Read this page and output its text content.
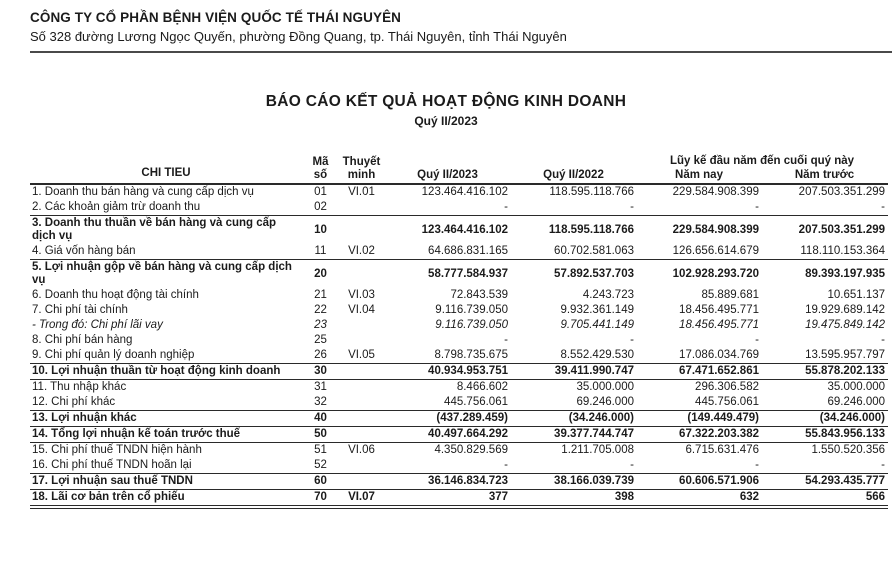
CÔNG TY CỔ PHẦN BỆNH VIỆN QUỐC TẾ THÁI NGUYÊN
Số 328 đường Lương Ngọc Quyến, phường Đồng Quang, tp. Thái Nguyên, tỉnh Thái Nguyên
BÁO CÁO KẾT QUẢ HOẠT ĐỘNG KINH DOANH
Quý II/2023
CHI TIEU	Mã số	Thuyết minh	Quý II/2023	Quý II/2022	Lũy kế đầu năm đến cuối quý này	
					Năm nay	Năm trước
1. Doanh thu bán hàng và cung cấp dịch vụ	01	VI.01	123.464.416.102	118.595.118.766	229.584.908.399	207.503.351.299
2. Các khoản giảm trừ doanh thu	02		-	-	-	-
3. Doanh thu thuần về bán hàng và cung cấp dịch vụ	10		123.464.416.102	118.595.118.766	229.584.908.399	207.503.351.299
4. Giá vốn hàng bán	11	VI.02	64.686.831.165	60.702.581.063	126.656.614.679	118.110.153.364
5. Lợi nhuận gộp về bán hàng và cung cấp dịch vụ	20		58.777.584.937	57.892.537.703	102.928.293.720	89.393.197.935
6. Doanh thu hoạt động tài chính	21	VI.03	72.843.539	4.243.723	85.889.681	10.651.137
7. Chi phí tài chính	22	VI.04	9.116.739.050	9.932.361.149	18.456.495.771	19.929.689.142
- Trong đó: Chi phí lãi vay	23		9.116.739.050	9.705.441.149	18.456.495.771	19.475.849.142
8. Chi phí bán hàng	25		-	-	-	-
9. Chi phí quản lý doanh nghiệp	26	VI.05	8.798.735.675	8.552.429.530	17.086.034.769	13.595.957.797
10. Lợi nhuận thuần từ hoạt động kinh doanh	30		40.934.953.751	39.411.990.747	67.471.652.861	55.878.202.133
11. Thu nhập khác	31		8.466.602	35.000.000	296.306.582	35.000.000
12. Chi phí khác	32		445.756.061	69.246.000	445.756.061	69.246.000
13. Lợi nhuận khác	40		(437.289.459)	(34.246.000)	(149.449.479)	(34.246.000)
14. Tổng lợi nhuận kế toán trước thuế	50		40.497.664.292	39.377.744.747	67.322.203.382	55.843.956.133
15. Chi phí thuế TNDN hiện hành	51	VI.06	4.350.829.569	1.211.705.008	6.715.631.476	1.550.520.356
16. Chi phí thuế TNDN hoãn lại	52		-	-	-	-
17. Lợi nhuận sau thuế TNDN	60		36.146.834.723	38.166.039.739	60.606.571.906	54.293.435.777
18. Lãi cơ bản trên cổ phiếu	70	VI.07	377	398	632	566
